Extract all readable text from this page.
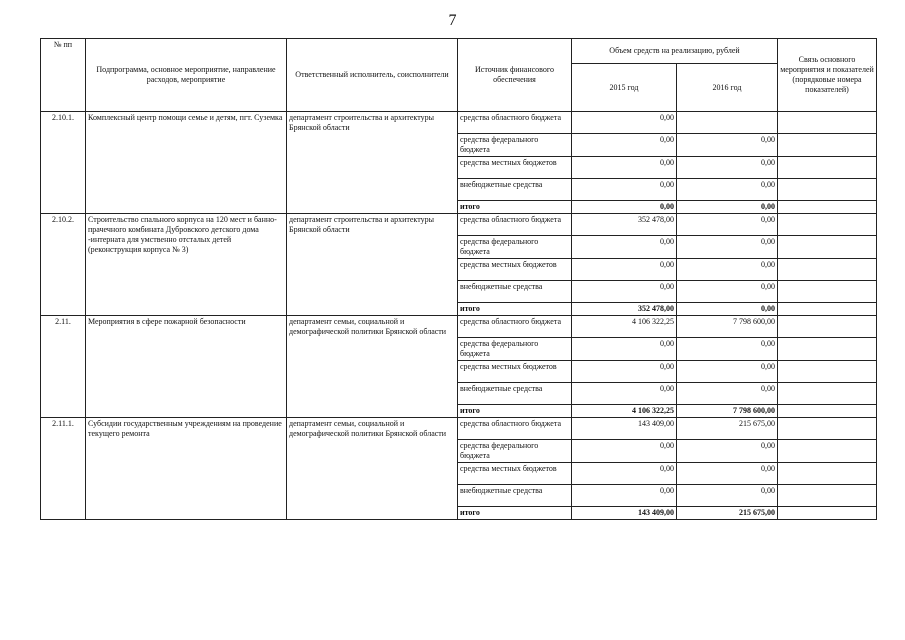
7
№ пп	Подпрограмма, основное мероприятие, направление расходов, мероприятие	Ответственный исполнитель, соисполнители	Источник финансового обеспечения	Объем средств на реализацию, рублей		Связь основного мероприятия и показателей (порядковые номера показателей)
				2015 год	2016 год	
2.10.1.	Комплексный центр помощи семье и детям, пгт. Суземка	департамент строительства и архитектуры Брянской области	средства областного бюджета	0,00		
			средства федерального бюджета	0,00	0,00	
			средства местных бюджетов	0,00	0,00	
			внебюджетные средства	0,00	0,00	
			итого	0,00	0,00	
2.10.2.	Строительство спального корпуса на 120 мест и банно-прачечного комбината Дубровского детского дома -интерната для умственно отсталых детей (реконструкция корпуса № 3)	департамент строительства и архитектуры Брянской области	средства областного бюджета	352 478,00	0,00	
			средства федерального бюджета	0,00	0,00	
			средства местных бюджетов	0,00	0,00	
			внебюджетные средства	0,00	0,00	
			итого	352 478,00	0,00	
2.11.	Мероприятия в сфере пожарной безопасности	департамент семьи, социальной и демографической политики Брянской области	средства областного бюджета	4 106 322,25	7 798 600,00	
			средства федерального бюджета	0,00	0,00	
			средства местных бюджетов	0,00	0,00	
			внебюджетные средства	0,00	0,00	
			итого	4 106 322,25	7 798 600,00	
2.11.1.	Субсидии государственным учреждениям на проведение текущего ремонта	департамент семьи, социальной и демографической политики Брянской области	средства областного бюджета	143 409,00	215 675,00	
			средства федерального бюджета	0,00	0,00	
			средства местных бюджетов	0,00	0,00	
			внебюджетные средства	0,00	0,00	
			итого	143 409,00	215 675,00	
